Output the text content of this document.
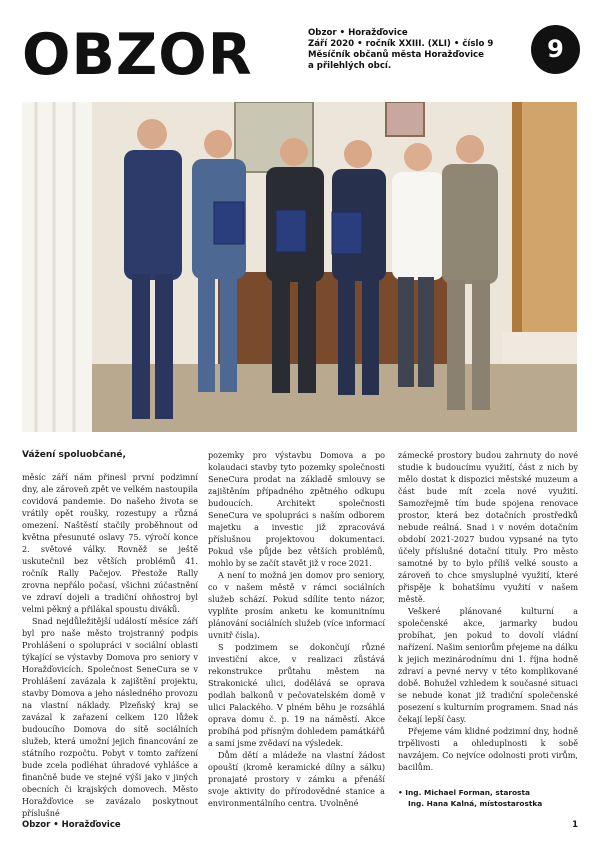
OBZOR	Obzor • Horažďovice
Září 2020 • ročník XXIII. (XLI) • číslo 9
Měsíčník občanů města Horažďovice
a přilehlých obcí.
9

Vážení spoluobčané,

měsíc září nám přinesl první podzimní dny, ale zároveň zpět ve velkém nastoupila covidová pandemie. Do našeho života se vrátily opět roušky, rozestupy a různá omezení. Naštěstí stačily proběhnout od května přesunuté oslavy 75. výročí konce 2. světové války. Rovněž se ještě uskutečnil bez větších problémů 41. ročník Rally Pačejov. Přestože Rally zrovna nepřálo počasí, všichni zúčastnění ve zdraví dojeli a tradiční ohňostroj byl velmi pěkný a přilákal spoustu diváků.

Snad nejdůležitější událostí měsíce září byl pro naše město trojstranný podpis Prohlášení o spolupráci v sociální oblasti týkající se výstavby Domova pro seniory v Horažďovicích. Společnost SeneCura se v Prohlášení zavázala k zajištění projektu, stavby Domova a jeho následného provozu na vlastní náklady. Plzeňský kraj se zavázal k zařazení celkem 120 lůžek budoucího Domova do sítě sociálních služeb, která umožní jejich financování ze státního rozpočtu. Pobyt v tomto zařízení bude zcela podléhat úhradové vyhlášce a finančně bude ve stejné výši jako v jiných obecních či krajských domovech. Město Horažďovice se zavázalo poskytnout příslušné

pozemky pro výstavbu Domova a po kolaudaci stavby tyto pozemky společnosti SeneCura prodat na základě smlouvy se zajištěním případného zpětného odkupu budoucích. Architekt společnosti SeneCura ve spolupráci s naším odborem majetku a investic již zpracovává příslušnou projektovou dokumentaci. Pokud vše půjde bez větších problémů, mohlo by se začít stavět již v roce 2021.

A není to možná jen domov pro seniory, co v našem městě v rámci sociálních služeb schází. Pokud sdílíte tento názor, vyplňte prosím anketu ke komunitnímu plánování sociálních služeb (více informací uvnitř čísla).

S podzimem se dokončují různé investiční akce, v realizaci zůstává rekonstrukce průtahu městem na Strakonické ulici, dodělává se oprava podlah balkonů v pečovatelském domě v ulici Palackého. V plném běhu je rozsáhlá oprava domu č. p. 19 na náměstí. Akce probíhá pod přísným dohledem památkářů a samí jsme zvědaví na výsledek.

Dům dětí a mládeže na vlastní žádost opouští (kromě keramické dílny a sálku) pronajaté prostory v zámku a přenáší svoje aktivity do přírodovědné stanice a environmentálního centra. Uvolněné

zámecké prostory budou zahrnuty do nové studie k budoucímu využití, část z nich by mělo dostat k dispozici městské muzeum a část bude mít zcela nové využití. Samozřejmě tím bude spojena renovace prostor, která bez dotačních prostředků nebude reálná. Snad i v novém dotačním období 2021-2027 budou vypsané na tyto účely příslušné dotační tituly. Pro město samotné by to bylo příliš velké sousto a zároveň to chce smysluplné využití, které přispěje k bohatšímu využití v našem městě.

Veškeré plánované kulturní a společenské akce, jarmarky budou probíhat, jen pokud to dovolí vládní nařízení. Našim seniorům přejeme na dálku k jejich mezinárodnímu dni 1. října hodně zdraví a pevné nervy v této komplikované době. Bohužel vzhledem k současné situaci se nebude konat již tradiční společenské posezení s kulturním programem. Snad nás čekají lepší časy.

Přejeme vám klidné podzimní dny, hodně trpělivosti a ohleduplnosti k sobě navzájem. Co nejvíce odolnosti proti virům, bacilům.

• Ing. Michael Forman, starosta
Ing. Hana Kalná, místostarostka
Obzor • Horažďovice	1
